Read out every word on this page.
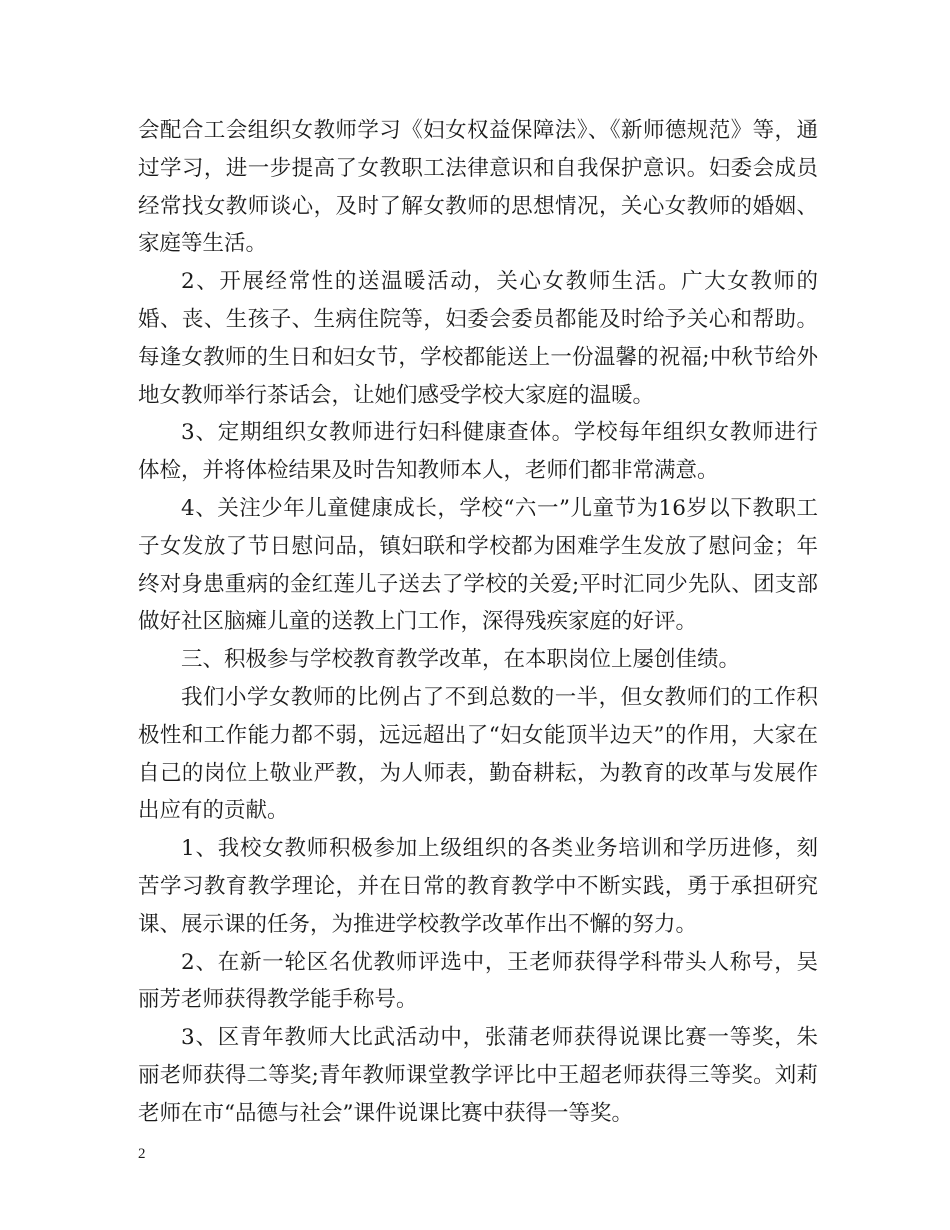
会配合工会组织女教师学习《妇女权益保障法》、《新师德规范》等，通过学习，进一步提高了女教职工法律意识和自我保护意识。妇委会成员经常找女教师谈心，及时了解女教师的思想情况，关心女教师的婚姻、家庭等生活。

2、开展经常性的送温暖活动，关心女教师生活。广大女教师的婚、丧、生孩子、生病住院等，妇委会委员都能及时给予关心和帮助。每逢女教师的生日和妇女节，学校都能送上一份温馨的祝福;中秋节给外地女教师举行茶话会，让她们感受学校大家庭的温暖。

3、定期组织女教师进行妇科健康查体。学校每年组织女教师进行体检，并将体检结果及时告知教师本人，老师们都非常满意。

4、关注少年儿童健康成长，学校“六一”儿童节为16岁以下教职工子女发放了节日慰问品，镇妇联和学校都为困难学生发放了慰问金；年终对身患重病的金红莲儿子送去了学校的关爱;平时汇同少先队、团支部做好社区脑瘫儿童的送教上门工作，深得残疾家庭的好评。

三、积极参与学校教育教学改革，在本职岗位上屡创佳绩。

我们小学女教师的比例占了不到总数的一半，但女教师们的工作积极性和工作能力都不弱，远远超出了“妇女能顶半边天”的作用，大家在自己的岗位上敬业严教，为人师表，勤奋耕耘，为教育的改革与发展作出应有的贡献。

1、我校女教师积极参加上级组织的各类业务培训和学历进修，刻苦学习教育教学理论，并在日常的教育教学中不断实践，勇于承担研究课、展示课的任务，为推进学校教学改革作出不懈的努力。

2、在新一轮区名优教师评选中，王老师获得学科带头人称号，吴丽芳老师获得教学能手称号。

3、区青年教师大比武活动中，张蒲老师获得说课比赛一等奖，朱丽老师获得二等奖;青年教师课堂教学评比中王超老师获得三等奖。刘莉老师在市“品德与社会”课件说课比赛中获得一等奖。

2
